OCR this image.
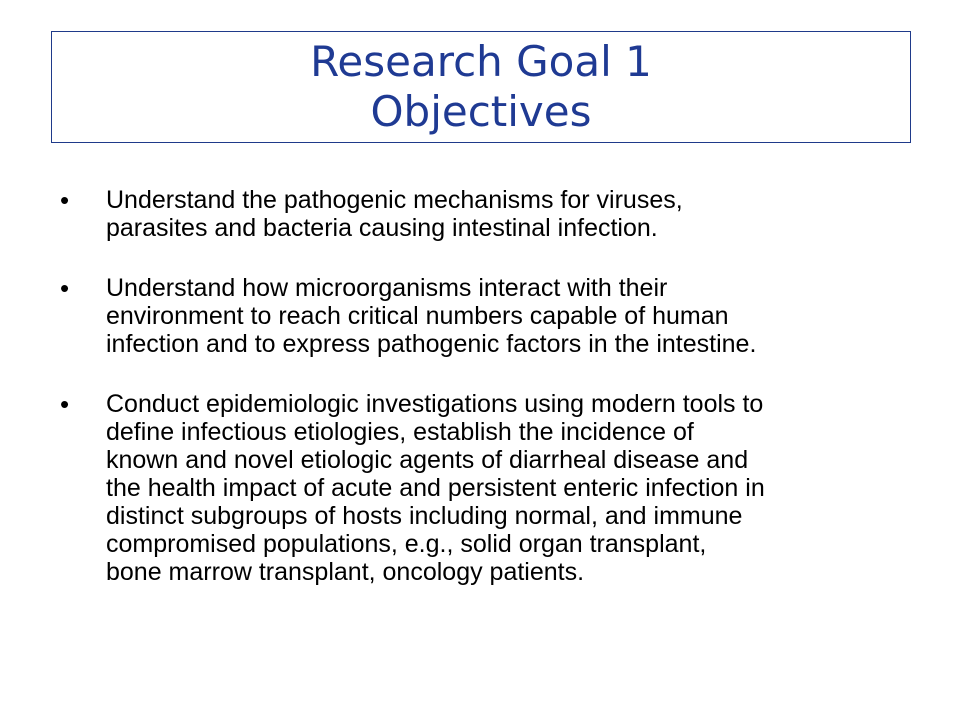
Research Goal 1
Objectives
•	Understand the pathogenic mechanisms for viruses,
parasites and bacteria causing intestinal infection.
•	Understand how microorganisms interact with their
environment to reach critical numbers capable of human
infection and to express pathogenic factors in the intestine.
•	Conduct epidemiologic investigations using modern tools to
define infectious etiologies, establish the incidence of
known and novel etiologic agents of diarrheal disease and
the health impact of acute and persistent enteric infection in
distinct subgroups of hosts including normal, and immune
compromised populations, e.g., solid organ transplant,
bone marrow transplant, oncology patients.
